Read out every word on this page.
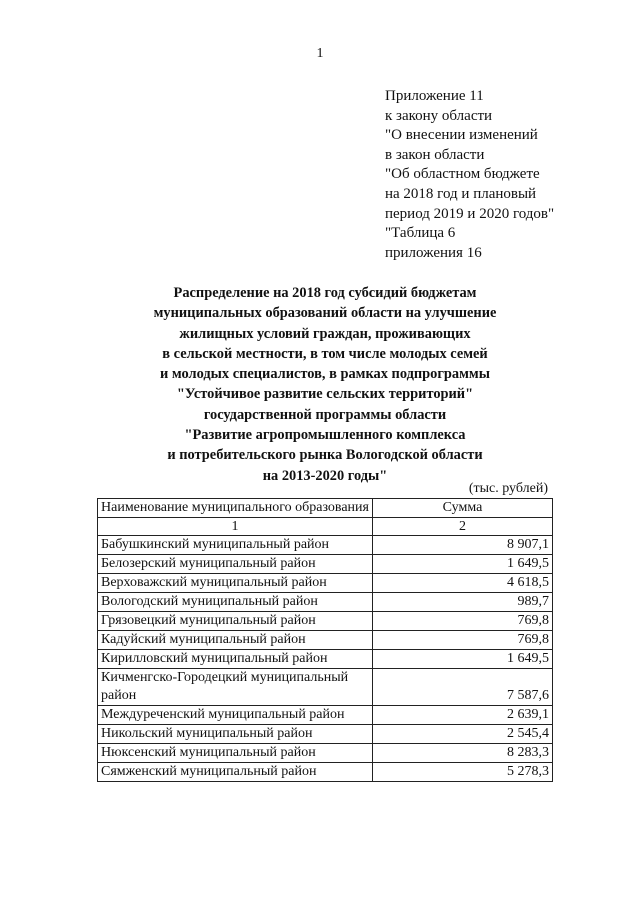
1
Приложение 11
к закону области
"О внесении изменений
в закон области
"Об областном бюджете
на 2018 год и плановый
период 2019 и 2020 годов"
"Таблица 6
приложения 16
Распределение на 2018 год субсидий бюджетам
муниципальных образований области на улучшение
жилищных условий граждан, проживающих
в сельской местности, в том числе молодых семей
и молодых специалистов, в рамках подпрограммы
"Устойчивое развитие сельских территорий"
государственной программы области
"Развитие агропромышленного комплекса
и потребительского рынка Вологодской области
на 2013-2020 годы"
(тыс. рублей)
Наименование муниципального образования	Сумма
1	2
Бабушкинский муниципальный район	8 907,1
Белозерский муниципальный район	1 649,5
Верховажский муниципальный район	4 618,5
Вологодский муниципальный район	989,7
Грязовецкий муниципальный район	769,8
Кадуйский муниципальный район	769,8
Кирилловский муниципальный район	1 649,5
Кичменгско-Городецкий муниципальный район	7 587,6
Междуреченский муниципальный район	2 639,1
Никольский муниципальный район	2 545,4
Нюксенский муниципальный район	8 283,3
Сямженский муниципальный район	5 278,3
